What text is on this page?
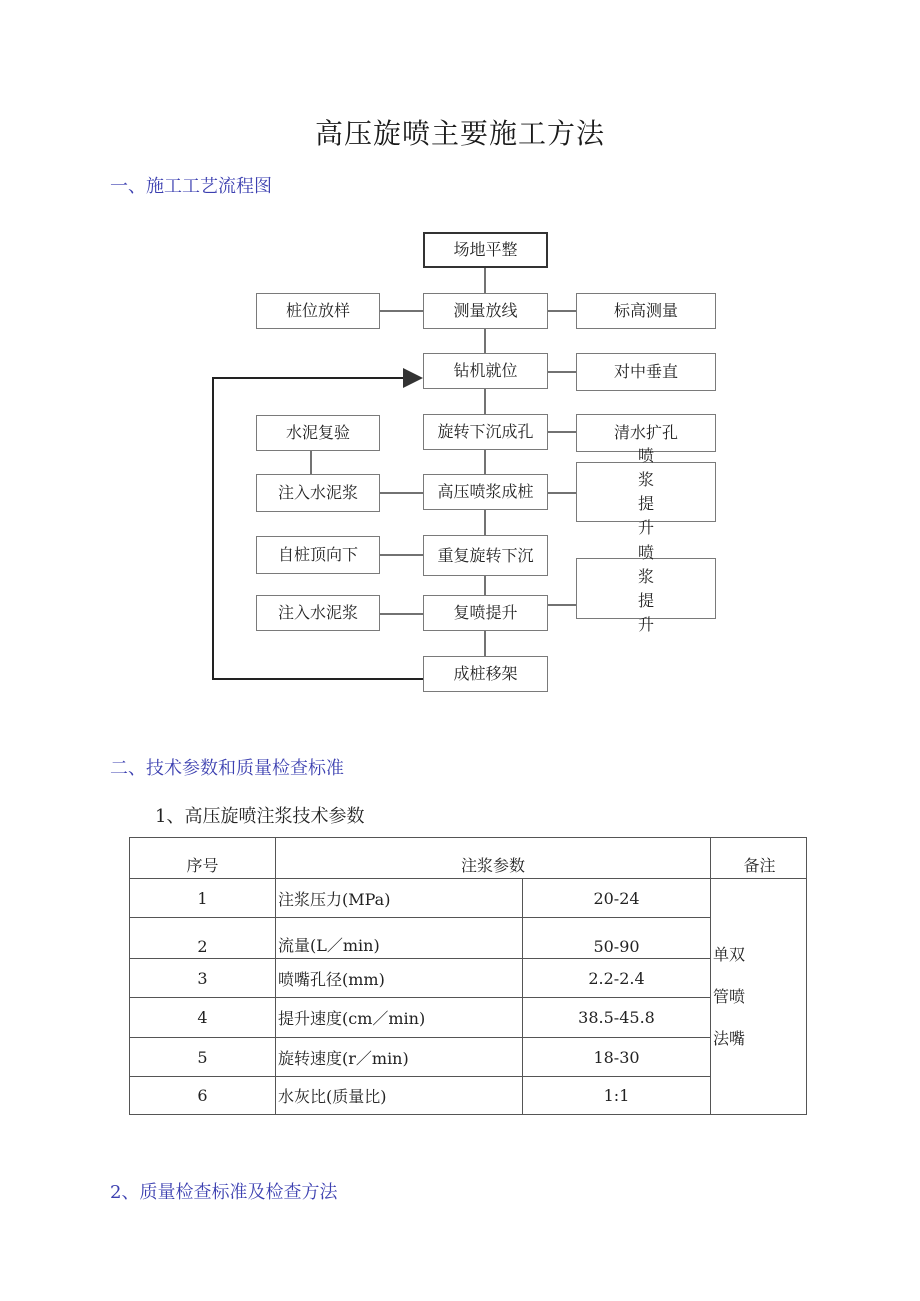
高压旋喷主要施工方法
一、施工工艺流程图
场地平整
测量放线
钻机就位
旋转下沉成孔
高压喷浆成桩
重复旋转下沉
复喷提升
成桩移架
桩位放样
水泥复验
注入水泥浆
自桩顶向下
注入水泥浆
标高测量
对中垂直
清水扩孔
喷浆
提升
喷浆
提升
二、技术参数和质量检查标准
1、高压旋喷注浆技术参数
序号	注浆参数		备注
1	注浆压力(MPa)	20-24	单双
管喷
法嘴

2	流量(L／min)	50-90	
3	喷嘴孔径(mm)	2.2-2.4	
4	提升速度(cm／min)	38.5-45.8	
5	旋转速度(r／min)	18-30	
6	水灰比(质量比)	1:1	
2、质量检查标准及检查方法
